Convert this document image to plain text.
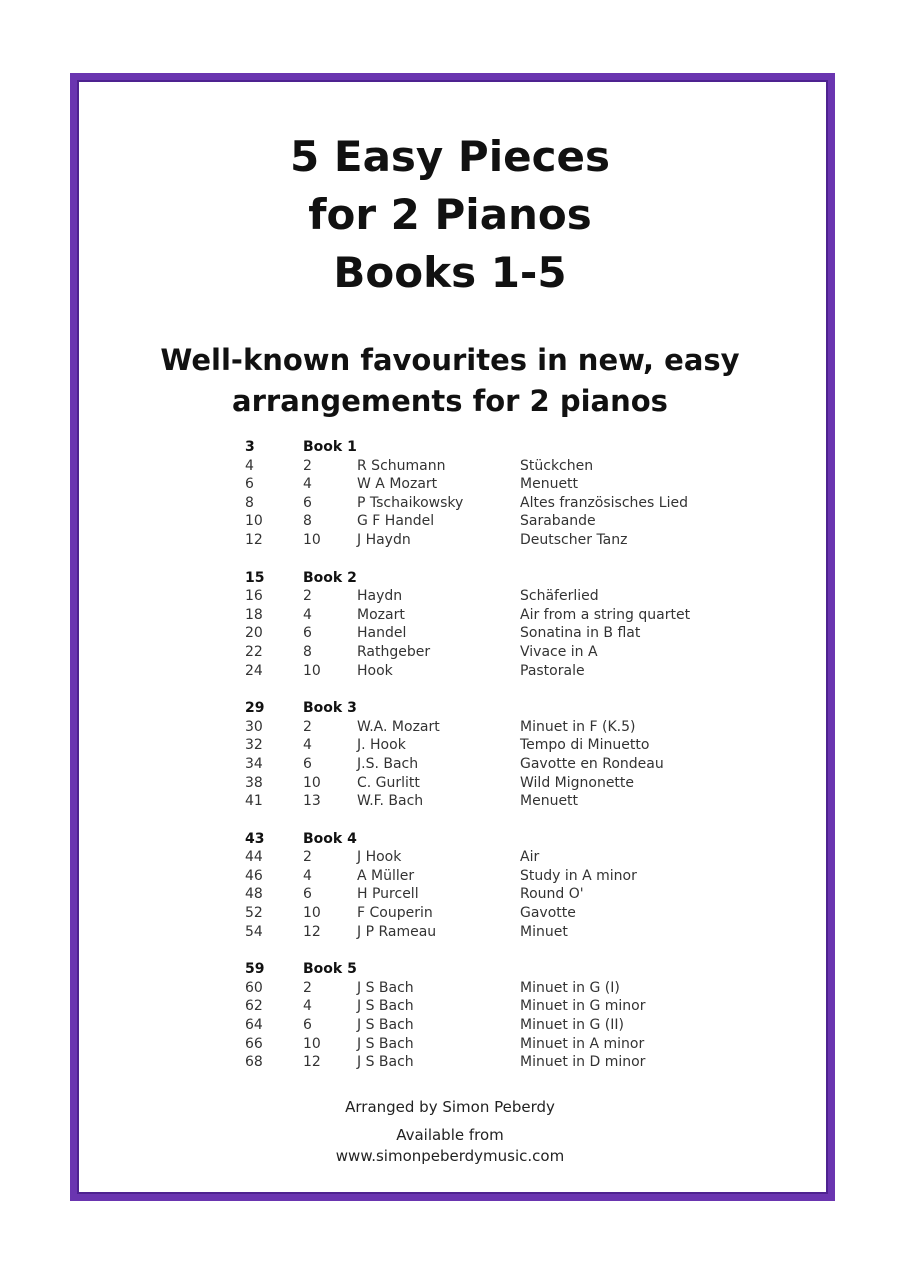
5 Easy Pieces
for 2 Pianos
Books 1-5
Well-known favourites in new, easy
arrangements for 2 pianos
3	Book 1
4	2	R Schumann	Stückchen
6	4	W A Mozart	Menuett
8	6	P Tschaikowsky	Altes französisches Lied
10	8	G F Handel	Sarabande
12	10	J Haydn	Deutscher Tanz
15	Book 2
16	2	Haydn	Schäferlied
18	4	Mozart	Air from a string quartet
20	6	Handel	Sonatina in B flat
22	8	Rathgeber	Vivace in A
24	10	Hook	Pastorale
29	Book 3
30	2	W.A. Mozart	Minuet in F (K.5)
32	4	J. Hook	Tempo di Minuetto
34	6	J.S. Bach	Gavotte en Rondeau
38	10	C. Gurlitt	Wild Mignonette
41	13	W.F. Bach	Menuett
43	Book 4
44	2	J Hook	Air
46	4	A Müller	Study in A minor
48	6	H Purcell	Round O'
52	10	F Couperin	Gavotte
54	12	J P Rameau	Minuet
59	Book 5
60	2	J S Bach	Minuet in G (I)
62	4	J S Bach	Minuet in G minor
64	6	J S Bach	Minuet in G (II)
66	10	J S Bach	Minuet in A minor
68	12	J S Bach	Minuet in D minor
Arranged by Simon Peberdy
Available from
www.simonpeberdymusic.com
